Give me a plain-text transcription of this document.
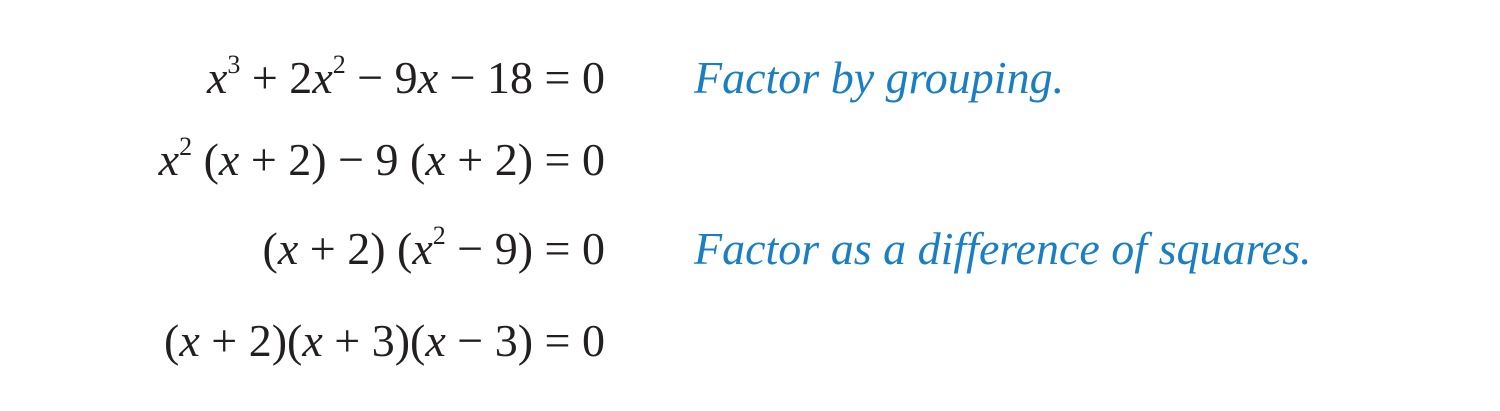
$x^3 + 2x^2 - 9x - 18 = 0$ Factor by grouping.
$x^2$ (x + 2) − 9 (x + 2) = 0
(x + 2) $(x^2 - 9) = 0$ Factor as a difference of squares.
(x + 2)(x + 3)(x − 3) = 0
